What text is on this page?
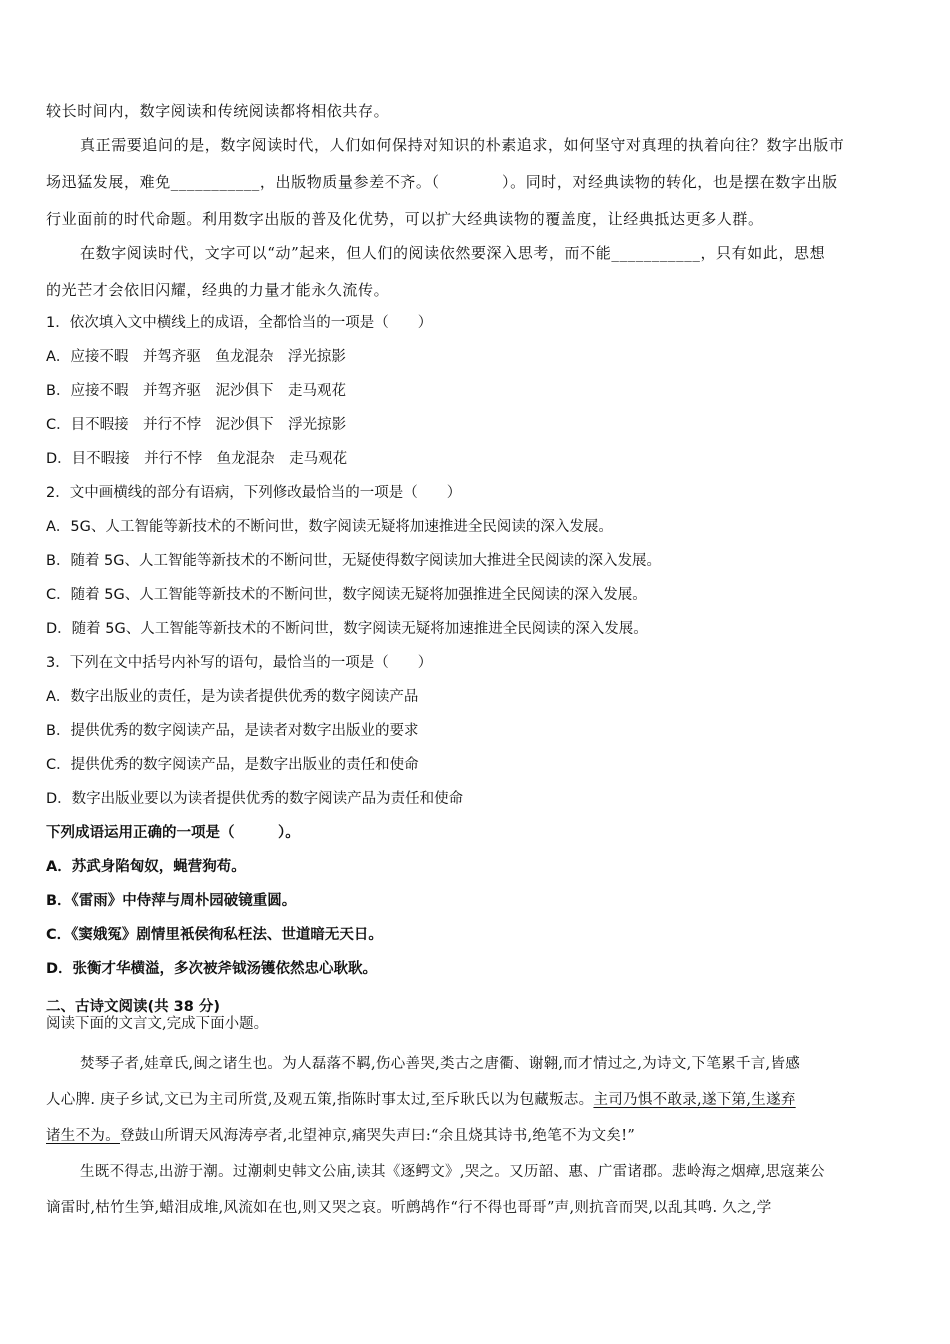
较长时间内，数字阅读和传统阅读都将相依共存。
真正需要追问的是，数字阅读时代，人们如何保持对知识的朴素追求，如何坚守对真理的执着向往？数字出版市
场迅猛发展，难免___________，出版物质量参差不齐。（　　　　）。同时，对经典读物的转化，也是摆在数字出版
行业面前的时代命题。利用数字出版的普及化优势，可以扩大经典读物的覆盖度，让经典抵达更多人群。
在数字阅读时代，文字可以“动”起来，但人们的阅读依然要深入思考，而不能___________，只有如此，思想
的光芒才会依旧闪耀，经典的力量才能永久流传。
1．依次填入文中横线上的成语，全都恰当的一项是（　　）
A．应接不暇　并驾齐驱　鱼龙混杂　浮光掠影
B．应接不暇　并驾齐驱　泥沙俱下　走马观花
C．目不暇接　并行不悖　泥沙俱下　浮光掠影
D．目不暇接　并行不悖　鱼龙混杂　走马观花
2．文中画横线的部分有语病，下列修改最恰当的一项是（　　）
A．5G、人工智能等新技术的不断问世，数字阅读无疑将加速推进全民阅读的深入发展。
B．随着 5G、人工智能等新技术的不断问世，无疑使得数字阅读加大推进全民阅读的深入发展。
C．随着 5G、人工智能等新技术的不断问世，数字阅读无疑将加强推进全民阅读的深入发展。
D．随着 5G、人工智能等新技术的不断问世，数字阅读无疑将加速推进全民阅读的深入发展。
3．下列在文中括号内补写的语句，最恰当的一项是（　　）
A．数字出版业的责任，是为读者提供优秀的数字阅读产品
B．提供优秀的数字阅读产品，是读者对数字出版业的要求
C．提供优秀的数字阅读产品，是数字出版业的责任和使命
D．数字出版业要以为读者提供优秀的数字阅读产品为责任和使命
下列成语运用正确的一项是（　　　）。
A．苏武身陷匈奴，蝇营狗苟。
B．《雷雨》中侍萍与周朴园破镜重圆。
C．《窦娥冤》剧情里衹侯徇私枉法、世道暗无天日。
D．张衡才华横溢，多次被斧钺汤镬依然忠心耿耿。
二、古诗文阅读(共 38 分)
阅读下面的文言文,完成下面小题。
焚琴子者,娃章氏,闽之诸生也。为人磊落不羁,伤心善哭,类古之唐衢、谢翱,而才情过之,为诗文,下笔累千言,皆感
人心脾. 庚子乡试,文已为主司所赏,及观五策,指陈时事太过,至斥耿氏以为包藏叛志。主司乃惧不敢录,遂下第,生遂弃
诸生不为。登鼓山所谓天风海涛亭者,北望神京,痛哭失声曰:“余且烧其诗书,绝笔不为文矣!”
生既不得志,出游于潮。过潮刺史韩文公庙,读其《逐鳄文》,哭之。又历韶、惠、广雷诸郡。悲岭海之烟瘴,思寇莱公
谪雷时,枯竹生笋,蜡泪成堆,风流如在也,则又哭之哀。听鹧鸪作“行不得也哥哥”声,则抗音而哭,以乱其鸣. 久之,学
